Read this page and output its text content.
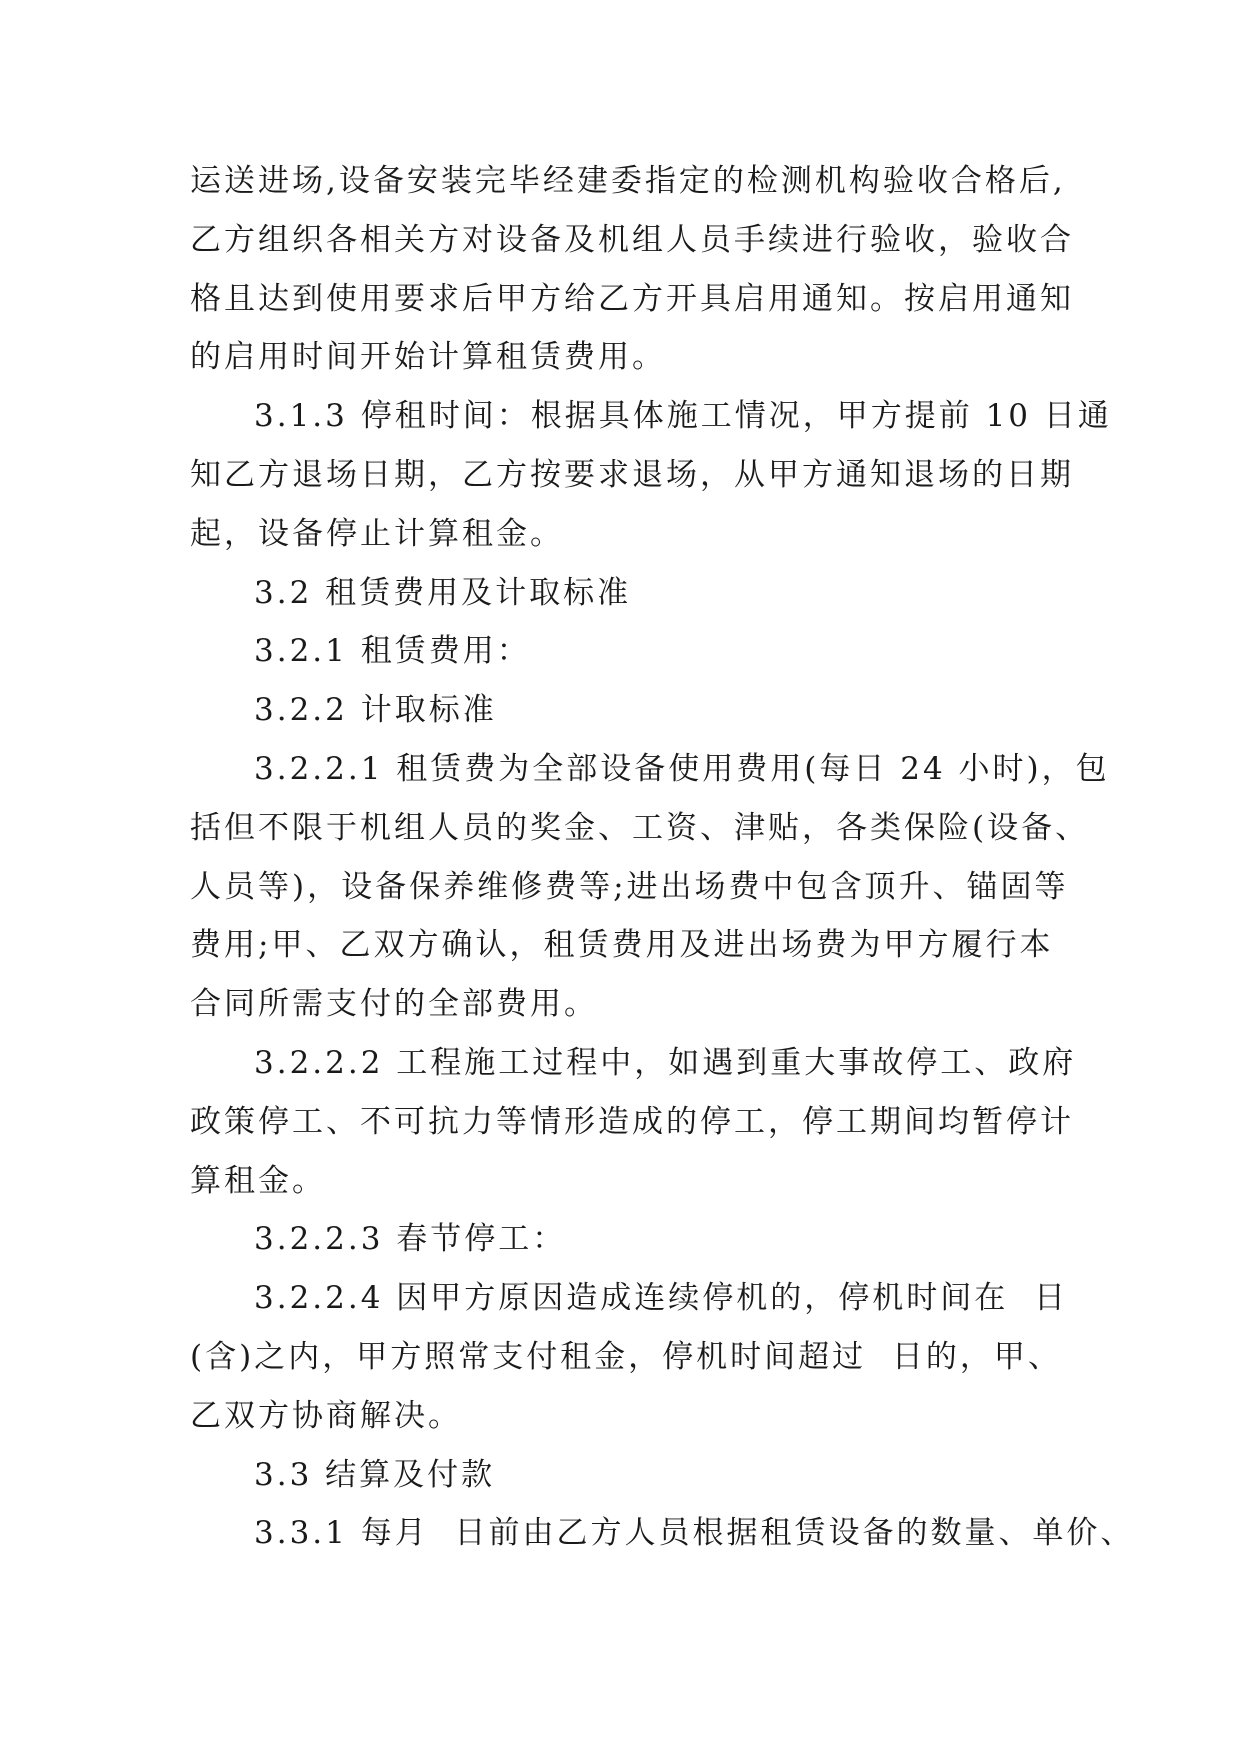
运送进场,设备安装完毕经建委指定的检测机构验收合格后,
乙方组织各相关方对设备及机组人员手续进行验收，验收合
格且达到使用要求后甲方给乙方开具启用通知。按启用通知
的启用时间开始计算租赁费用。
3.1.3 停租时间：根据具体施工情况，甲方提前 10 日通
知乙方退场日期，乙方按要求退场，从甲方通知退场的日期
起，设备停止计算租金。
3.2 租赁费用及计取标准
3.2.1 租赁费用：
3.2.2 计取标准
3.2.2.1 租赁费为全部设备使用费用(每日 24 小时)，包
括但不限于机组人员的奖金、工资、津贴，各类保险(设备、
人员等)，设备保养维修费等;进出场费中包含顶升、锚固等
费用;甲、乙双方确认，租赁费用及进出场费为甲方履行本
合同所需支付的全部费用。
3.2.2.2 工程施工过程中，如遇到重大事故停工、政府
政策停工、不可抗力等情形造成的停工，停工期间均暂停计
算租金。
3.2.2.3 春节停工：
3.2.2.4 因甲方原因造成连续停机的，停机时间在  日
(含)之内，甲方照常支付租金，停机时间超过  日的，甲、
乙双方协商解决。
3.3 结算及付款
3.3.1 每月  日前由乙方人员根据租赁设备的数量、单价、
